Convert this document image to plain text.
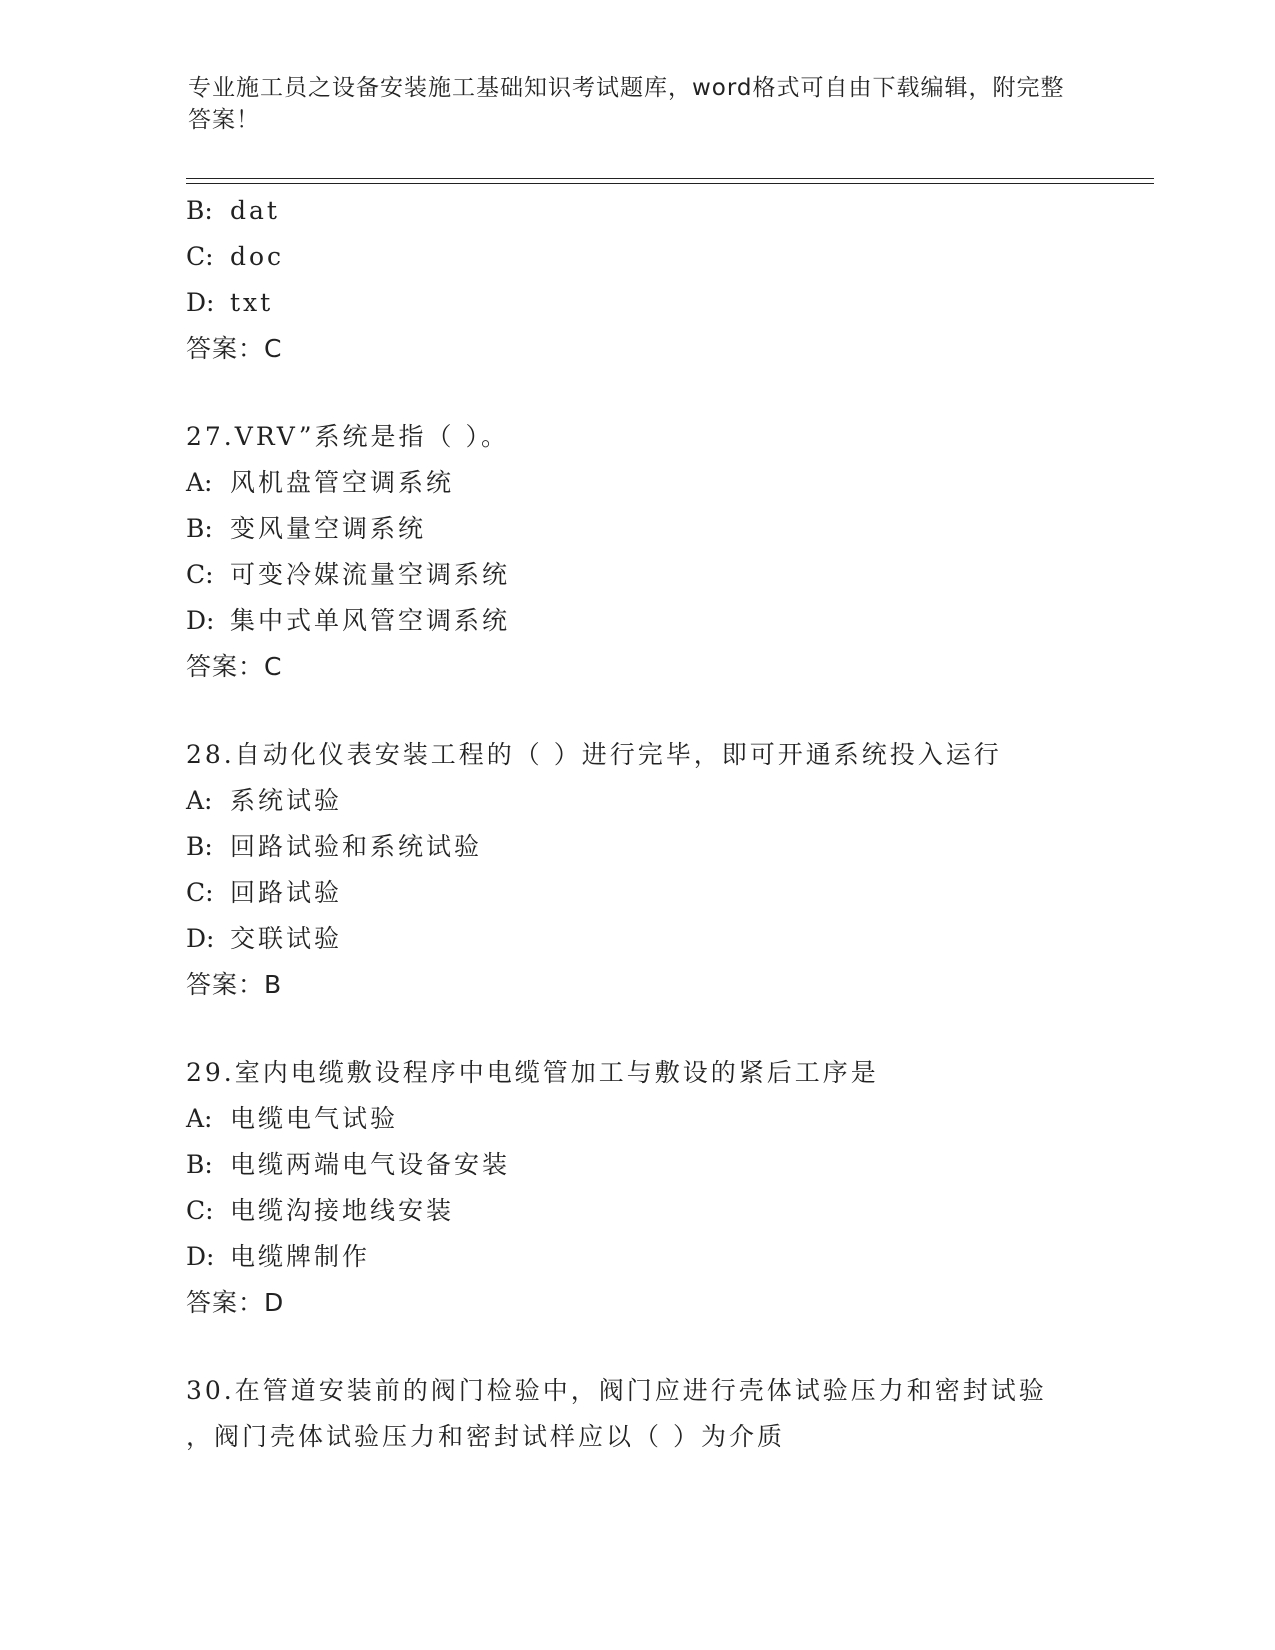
专业施工员之设备安装施工基础知识考试题库，word格式可自由下载编辑，附完整答案！
B: dat
C: doc
D: txt
答案：C
27.VRV”系统是指（ ）。
A: 风机盘管空调系统
B: 变风量空调系统
C: 可变冷媒流量空调系统
D: 集中式单风管空调系统
答案：C
28.自动化仪表安装工程的（ ）进行完毕，即可开通系统投入运行
A: 系统试验
B: 回路试验和系统试验
C: 回路试验
D: 交联试验
答案：B
29.室内电缆敷设程序中电缆管加工与敷设的紧后工序是
A: 电缆电气试验
B: 电缆两端电气设备安装
C: 电缆沟接地线安装
D: 电缆牌制作
答案：D
30.在管道安装前的阀门检验中，阀门应进行壳体试验压力和密封试验
，阀门壳体试验压力和密封试样应以（ ）为介质
